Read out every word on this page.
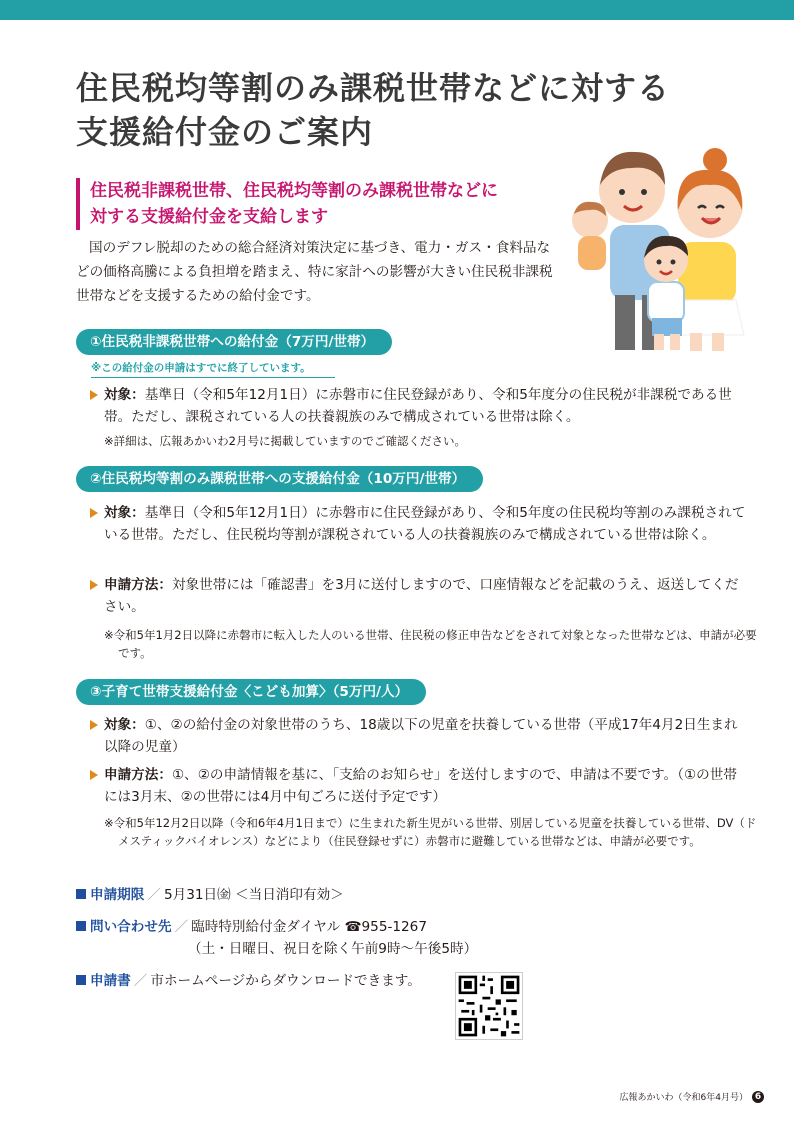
住民税均等割のみ課税世帯などに対する
支援給付金のご案内
住民税非課税世帯、住民税均等割のみ課税世帯などに
対する支援給付金を支給します

国のデフレ脱却のための総合経済対策決定に基づき、電力・ガス・食料品などの価格高騰による負担増を踏まえ、特に家計への影響が大きい住民税非課税世帯などを支援するための給付金です。

①住民税非課税世帯への給付金（7万円/世帯）
※この給付金の申請はすでに終了しています。
対象：基準日（令和5年12月1日）に赤磐市に住民登録があり、令和5年度分の住民税が非課税である世帯。ただし、課税されている人の扶養親族のみで構成されている世帯は除く。
※詳細は、広報あかいわ2月号に掲載していますのでご確認ください。
②住民税均等割のみ課税世帯への支援給付金（10万円/世帯）
対象：基準日（令和5年12月1日）に赤磐市に住民登録があり、令和5年度の住民税均等割のみ課税されている世帯。ただし、住民税均等割が課税されている人の扶養親族のみで構成されている世帯は除く。
申請方法：対象世帯には「確認書」を3月に送付しますので、口座情報などを記載のうえ、返送してください。
※令和5年1月2日以降に赤磐市に転入した人のいる世帯、住民税の修正申告などをされて対象となった世帯などは、申請が必要です。
③子育て世帯支援給付金〈こども加算〉（5万円/人）
対象：①、②の給付金の対象世帯のうち、18歳以下の児童を扶養している世帯（平成17年4月2日生まれ以降の児童）
申請方法：①、②の申請情報を基に、「支給のお知らせ」を送付しますので、申請は不要です。（①の世帯には3月末、②の世帯には4月中旬ごろに送付予定です）
※令和5年12月2日以降（令和6年4月1日まで）に生まれた新生児がいる世帯、別居している児童を扶養している世帯、DV（ドメスティックバイオレンス）などにより（住民登録せずに）赤磐市に避難している世帯などは、申請が必要です。
申請期限 ／ 5月31日㈮ ＜当日消印有効＞
問い合わせ先 ／ 臨時特別給付金ダイヤル ☎955-1267
（土・日曜日、祝日を除く午前9時～午後5時）
申請書 ／ 市ホームページからダウンロードできます。
広報あかいわ（令和6年4月号） 6
